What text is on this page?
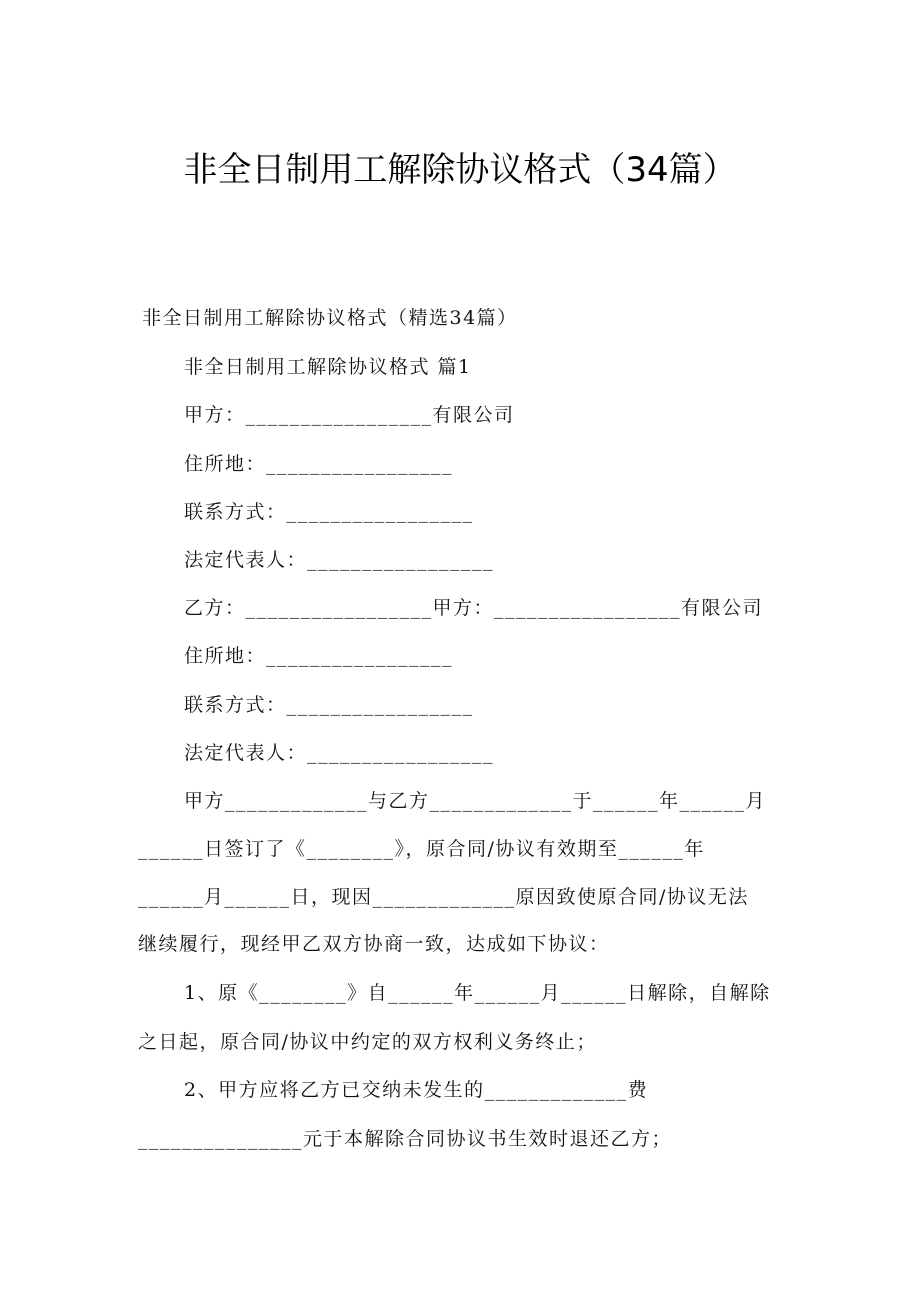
非全日制用工解除协议格式（34篇）
非全日制用工解除协议格式（精选34篇）
非全日制用工解除协议格式 篇1
甲方：_________________有限公司
住所地：_________________
联系方式：_________________
法定代表人：_________________
乙方：_________________甲方：_________________有限公司
住所地：_________________
联系方式：_________________
法定代表人：_________________
甲方_____________与乙方_____________于______年______月
______日签订了《________》，原合同/协议有效期至______年
______月______日，现因_____________原因致使原合同/协议无法
继续履行，现经甲乙双方协商一致，达成如下协议：
1、原《________》自______年______月______日解除，自解除
之日起，原合同/协议中约定的双方权利义务终止；
2、甲方应将乙方已交纳未发生的_____________费
_______________元于本解除合同协议书生效时退还乙方；
